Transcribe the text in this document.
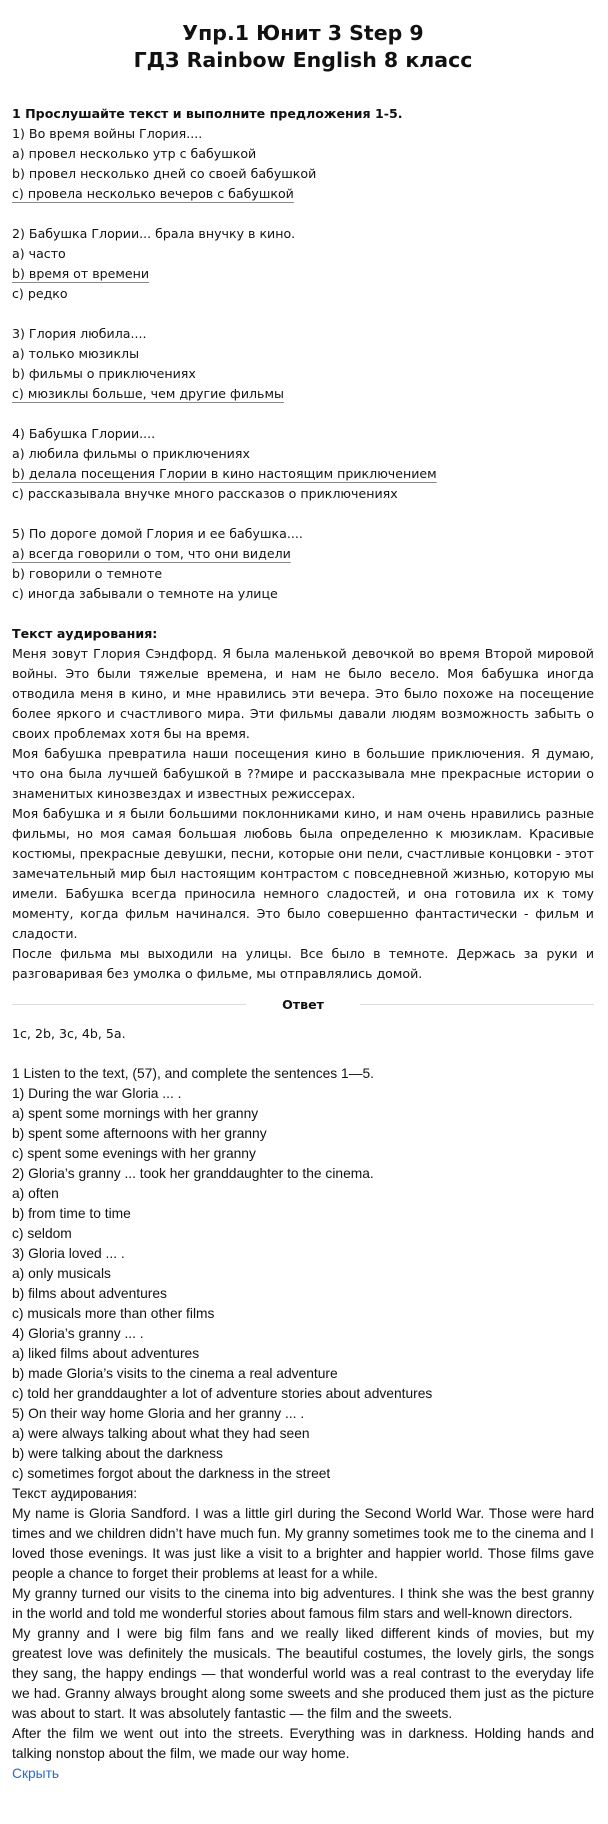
Упр.1 Юнит 3 Step 9
ГДЗ Rainbow English 8 класс
1 Прослушайте текст и выполните предложения 1-5.
1) Во время войны Глория....
a) провел несколько утр с бабушкой
b) провел несколько дней со своей бабушкой
c) провела несколько вечеров с бабушкой
2) Бабушка Глории... брала внучку в кино.
a) часто
b) время от времени
c) редко
3) Глория любила....
a) только мюзиклы
b) фильмы о приключениях
c) мюзиклы больше, чем другие фильмы
4) Бабушка Глории....
a) любила фильмы о приключениях
b) делала посещения Глории в кино настоящим приключением
c) рассказывала внучке много рассказов о приключениях
5) По дороге домой Глория и ее бабушка....
a) всегда говорили о том, что они видели
b) говорили о темноте
c) иногда забывали о темноте на улице
Текст аудирования:
Меня зовут Глория Сэндфорд. Я была маленькой девочкой во время Второй мировой войны. Это были тяжелые времена, и нам не было весело. Моя бабушка иногда отводила меня в кино, и мне нравились эти вечера. Это было похоже на посещение более яркого и счастливого мира. Эти фильмы давали людям возможность забыть о своих проблемах хотя бы на время.
Моя бабушка превратила наши посещения кино в большие приключения. Я думаю, что она была лучшей бабушкой в ??мире и рассказывала мне прекрасные истории о знаменитых кинозвездах и известных режиссерах.
Моя бабушка и я были большими поклонниками кино, и нам очень нравились разные фильмы, но моя самая большая любовь была определенно к мюзиклам. Красивые костюмы, прекрасные девушки, песни, которые они пели, счастливые концовки - этот замечательный мир был настоящим контрастом с повседневной жизнью, которую мы имели. Бабушка всегда приносила немного сладостей, и она готовила их к тому моменту, когда фильм начинался. Это было совершенно фантастически - фильм и сладости.
После фильма мы выходили на улицы. Все было в темноте. Держась за руки и разговаривая без умолка о фильме, мы отправлялись домой.
Ответ
1c, 2b, 3c, 4b, 5a.
1 Listen to the text, (57), and complete the sentences 1—5.
1) During the war Gloria ... .
a) spent some mornings with her granny
b) spent some afternoons with her granny
c) spent some evenings with her granny
2) Gloria’s granny ... took her granddaughter to the cinema.
a) often
b) from time to time
c) seldom
3) Gloria loved ... .
a) only musicals
b) films about adventures
c) musicals more than other films
4) Gloria’s granny ... .
a) liked films about adventures
b) made Gloria’s visits to the cinema a real adventure
c) told her granddaughter a lot of adventure stories about adventures
5) On their way home Gloria and her granny ... .
a) were always talking about what they had seen
b) were talking about the darkness
c) sometimes forgot about the darkness in the street
Текст аудирования:
My name is Gloria Sandford. I was a little girl during the Second World War. Those were hard times and we children didn’t have much fun. My granny sometimes took me to the cinema and I loved those evenings. It was just like a visit to a brighter and happier world. Those films gave people a chance to forget their problems at least for a while.
My granny turned our visits to the cinema into big adventures. I think she was the best granny in the world and told me wonderful stories about famous film stars and well-known directors.
My granny and I were big film fans and we really liked different kinds of movies, but my greatest love was definitely the musicals. The beautiful costumes, the lovely girls, the songs they sang, the happy endings — that wonderful world was a real contrast to the everyday life we had. Granny always brought along some sweets and she produced them just as the picture was about to start. It was absolutely fantastic — the film and the sweets.
After the film we went out into the streets. Everything was in darkness. Holding hands and talking nonstop about the film, we made our way home.
Скрыть
